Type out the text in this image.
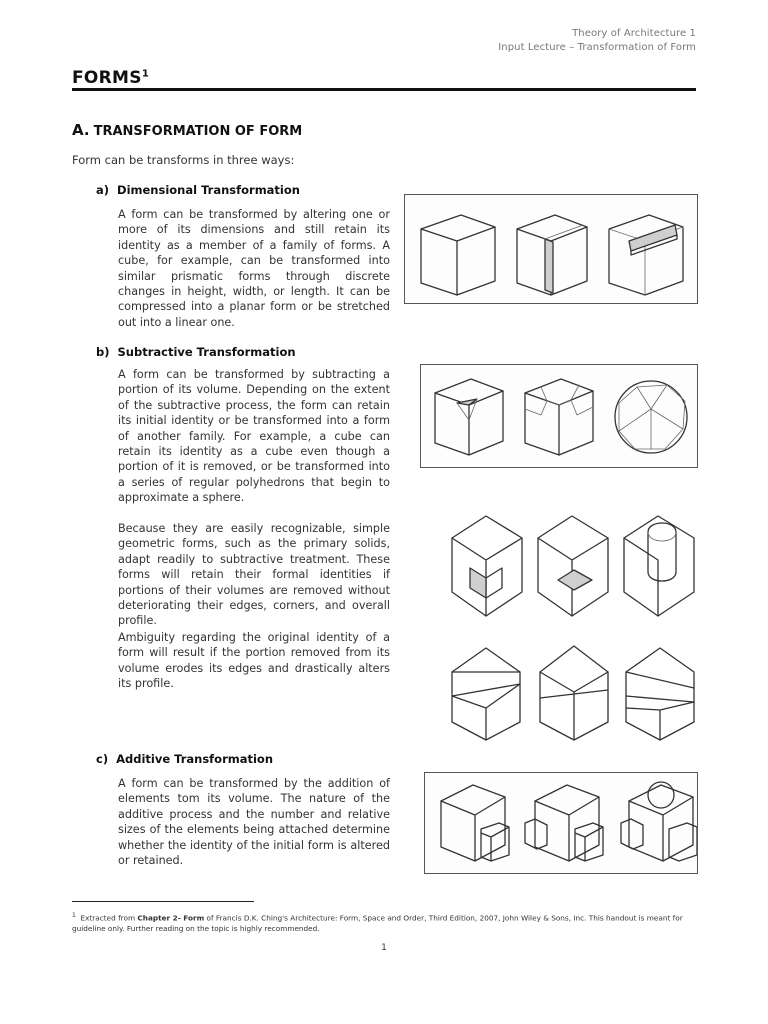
Theory of Architecture 1
Input Lecture – Transformation of Form
FORMS$^1$
A. TRANSFORMATION OF FORM
Form can be transforms in three ways:
a) Dimensional Transformation

A form can be transformed by altering one or more of its dimensions and still retain its identity as a member of a family of forms. A cube, for example, can be transformed into similar prismatic forms through discrete changes in height, width, or length. It can be compressed into a planar form or be stretched out into a linear one.

b) Subtractive Transformation

A form can be transformed by subtracting a portion of its volume. Depending on the extent of the subtractive process, the form can retain its initial identity or be transformed into a form of another family. For example, a cube can retain its identity as a cube even though a portion of it is removed, or be transformed into a series of regular polyhedrons that begin to approximate a sphere.

Because they are easily recognizable, simple geometric forms, such as the primary solids, adapt readily to subtractive treatment. These forms will retain their formal identities if portions of their volumes are removed without deteriorating their edges, corners, and overall profile.

Ambiguity regarding the original identity of a form will result if the portion removed from its volume erodes its edges and drastically alters its profile.

c) Additive Transformation

A form can be transformed by the addition of elements tom its volume. The nature of the additive process and the number and relative sizes of the elements being attached determine whether the identity of the initial form is altered or retained.

$^1$ Extracted from Chapter 2- Form of Francis D.K. Ching's Architecture: Form, Space and Order, Third Edition, 2007, John Wiley & Sons, Inc. This handout is meant for guideline only. Further reading on the topic is highly recommended.
1
